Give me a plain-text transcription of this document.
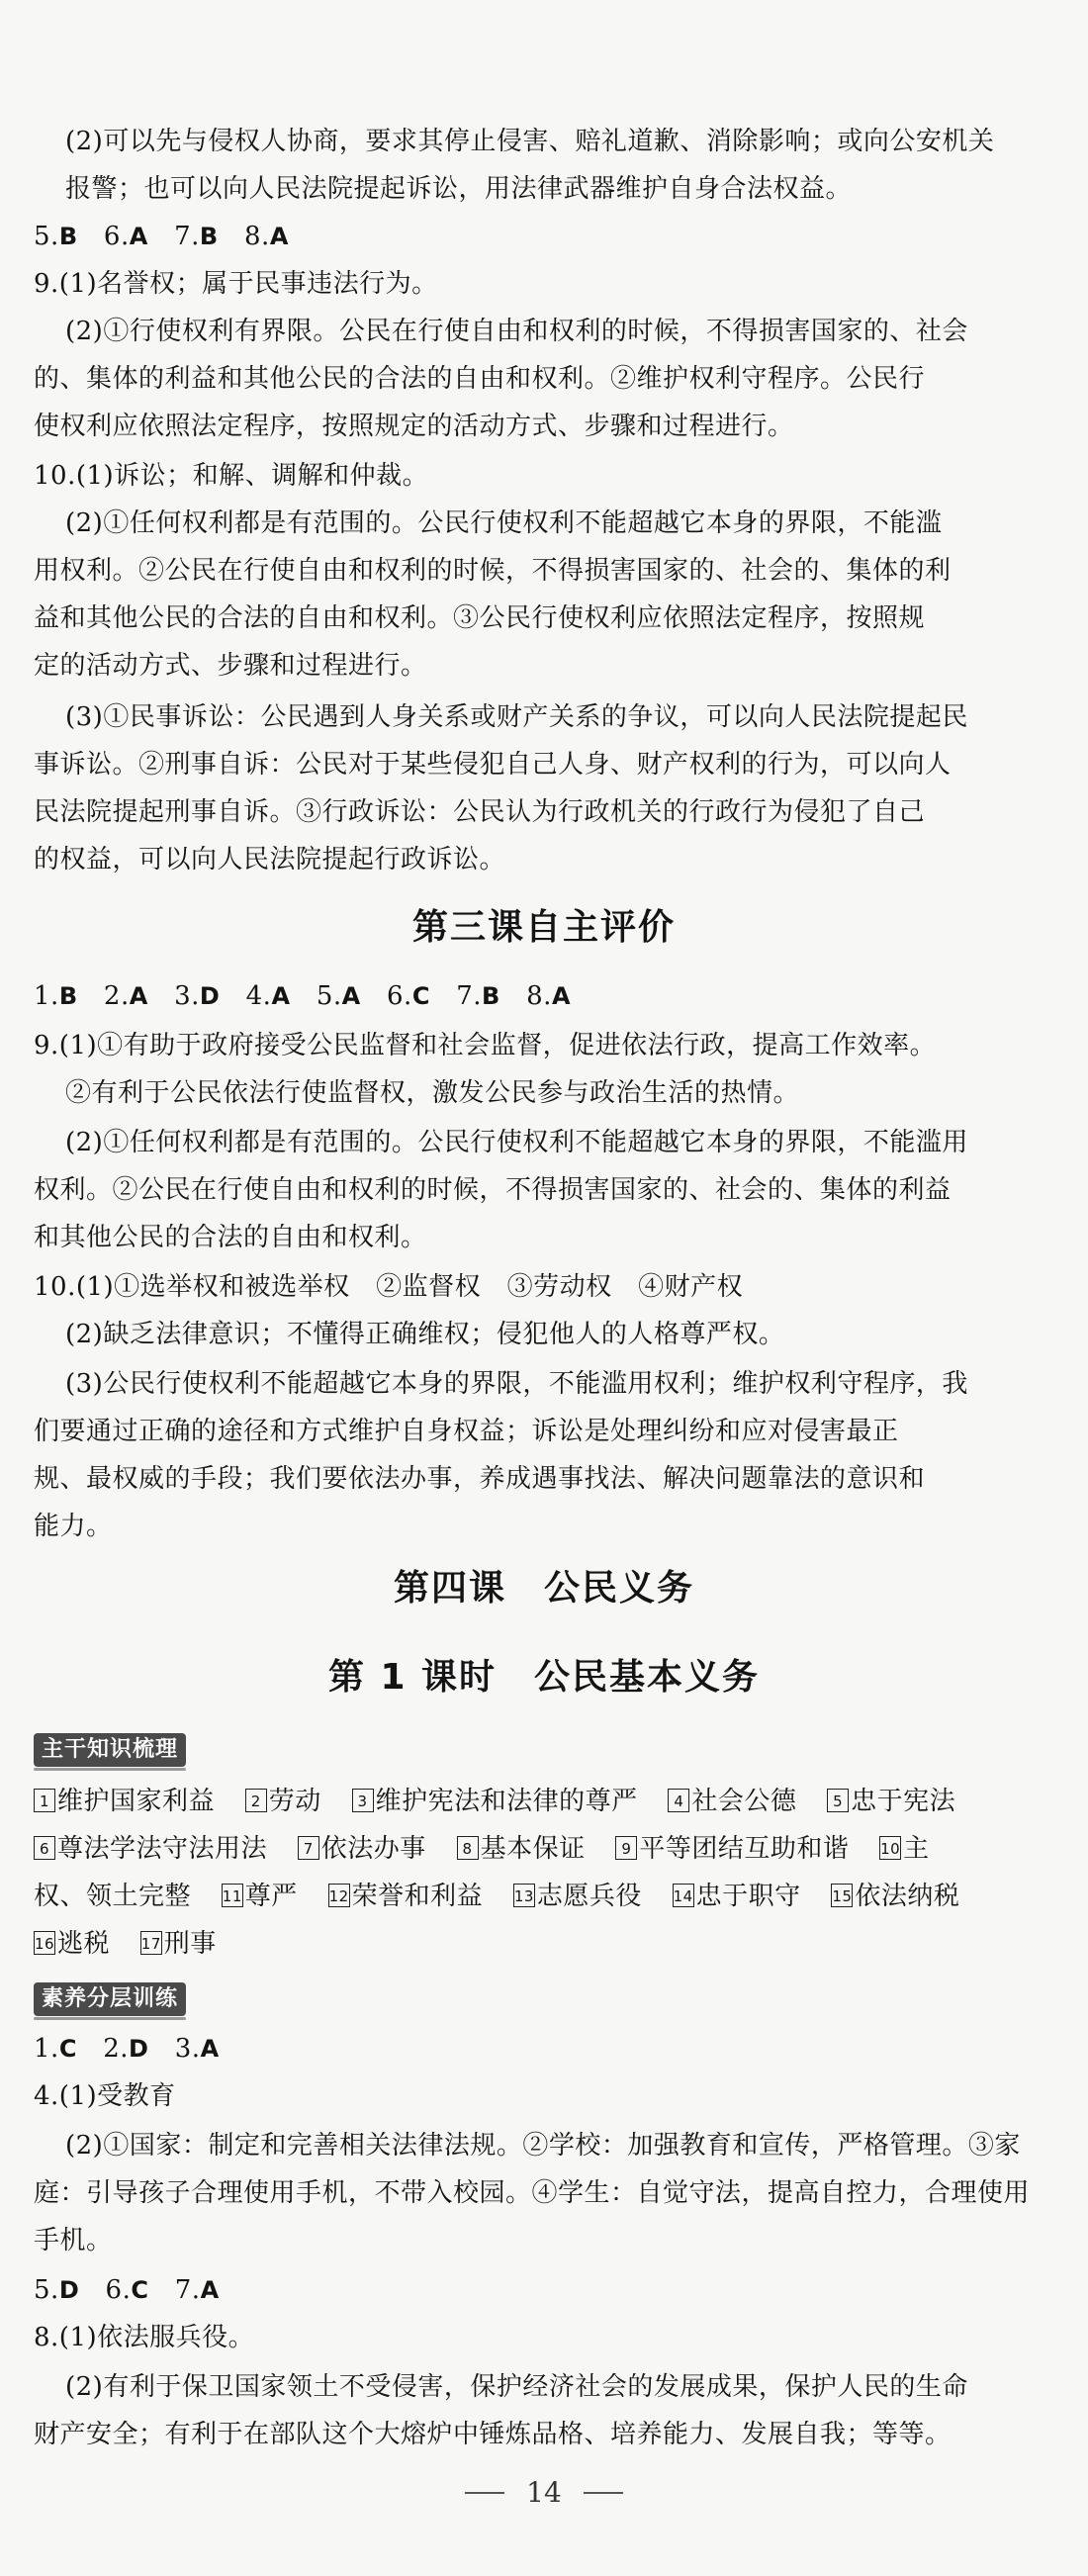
(2)可以先与侵权人协商，要求其停止侵害、赔礼道歉、消除影响；或向公安机关
报警；也可以向人民法院提起诉讼，用法律武器维护自身合法权益。
5.B 6.A 7.B 8.A
9.(1)名誉权；属于民事违法行为。
(2)①行使权利有界限。公民在行使自由和权利的时候，不得损害国家的、社会
的、集体的利益和其他公民的合法的自由和权利。②维护权利守程序。公民行
使权利应依照法定程序，按照规定的活动方式、步骤和过程进行。
10.(1)诉讼；和解、调解和仲裁。
(2)①任何权利都是有范围的。公民行使权利不能超越它本身的界限，不能滥
用权利。②公民在行使自由和权利的时候，不得损害国家的、社会的、集体的利
益和其他公民的合法的自由和权利。③公民行使权利应依照法定程序，按照规
定的活动方式、步骤和过程进行。
(3)①民事诉讼：公民遇到人身关系或财产关系的争议，可以向人民法院提起民
事诉讼。②刑事自诉：公民对于某些侵犯自己人身、财产权利的行为，可以向人
民法院提起刑事自诉。③行政诉讼：公民认为行政机关的行政行为侵犯了自己
的权益，可以向人民法院提起行政诉讼。
第三课自主评价
1.B 2.A 3.D 4.A 5.A 6.C 7.B 8.A
9.(1)①有助于政府接受公民监督和社会监督，促进依法行政，提高工作效率。
②有利于公民依法行使监督权，激发公民参与政治生活的热情。
(2)①任何权利都是有范围的。公民行使权利不能超越它本身的界限，不能滥用
权利。②公民在行使自由和权利的时候，不得损害国家的、社会的、集体的利益
和其他公民的合法的自由和权利。
10.(1)①选举权和被选举权　②监督权　③劳动权　④财产权
(2)缺乏法律意识；不懂得正确维权；侵犯他人的人格尊严权。
(3)公民行使权利不能超越它本身的界限，不能滥用权利；维护权利守程序，我
们要通过正确的途径和方式维护自身权益；诉讼是处理纠纷和应对侵害最正
规、最权威的手段；我们要依法办事，养成遇事找法、解决问题靠法的意识和
能力。
第四课　公民义务
第 1 课时　公民基本义务
主干知识梳理
1 维护国家利益 2 劳动 3 维护宪法和法律的尊严 4 社会公德 5 忠于宪法
6 尊法学法守法用法 7 依法办事 8 基本保证 9 平等团结互助和谐 10 主
权、领土完整 11 尊严 12 荣誉和利益 13 志愿兵役 14 忠于职守 15 依法纳税
16 逃税 17 刑事
素养分层训练
1.C 2.D 3.A
4.(1)受教育
(2)①国家：制定和完善相关法律法规。②学校：加强教育和宣传，严格管理。③家
庭：引导孩子合理使用手机，不带入校园。④学生：自觉守法，提高自控力，合理使用
手机。
5.D 6.C 7.A
8.(1)依法服兵役。
(2)有利于保卫国家领土不受侵害，保护经济社会的发展成果，保护人民的生命
财产安全；有利于在部队这个大熔炉中锤炼品格、培养能力、发展自我；等等。
14
